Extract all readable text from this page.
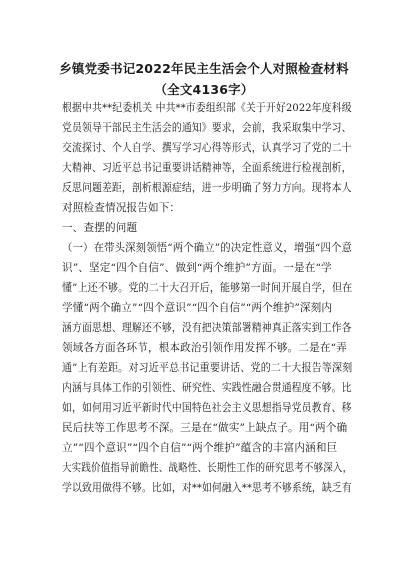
乡镇党委书记2022年民主生活会个人对照检查材料
（全文4136字）
根据中共**纪委机关 中共**市委组织部《关于开好2022年度科级
党员领导干部民主生活会的通知》要求，会前，我采取集中学习、
交流探讨、个人自学、撰写学习心得等形式，认真学习了党的二十
大精神、习近平总书记重要讲话精神等，全面系统进行检视剖析，
反思问题差距，剖析根源症结，进一步明确了努力方向。现将本人
对照检查情况报告如下：
一、查摆的问题
（一）在带头深刻领悟“两个确立”的决定性意义，增强“四个意
识”、坚定“四个自信”、做到“两个维护”方面。一是在“学
懂”上还不够。党的二十大召开后，能够第一时间开展自学，但在
学懂“两个确立”“四个意识”“四个自信”“两个维护”深刻内
涵方面思想、理解还不够，没有把决策部署精神真正落实到工作各
领域各方面各环节，根本政治引领作用发挥不够。二是在“弄
通”上有差距。对习近平总书记重要讲话、党的二十大报告等深刻
内涵与具体工作的引领性、研究性、实践性融合贯通程度不够。比
如，如何用习近平新时代中国特色社会主义思想指导党员教育、移
民后扶等工作思考不深。三是在“做实”上缺点子。用“两个确
立”“四个意识”“四个自信”“两个维护”蕴含的丰富内涵和巨
大实践价值指导前瞻性、战略性、长期性工作的研究思考不够深入，
学以致用做得不够。比如，对**如何融入**思考不够系统，缺乏有
